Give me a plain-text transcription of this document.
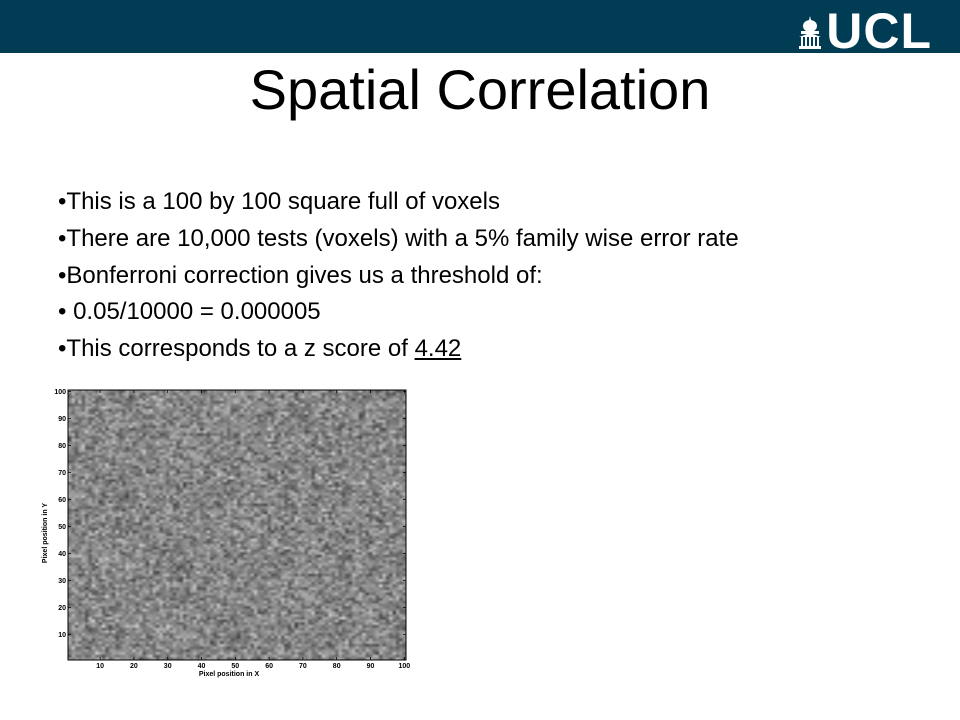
UCL
Spatial Correlation
•This is a 100 by 100 square full of voxels
•There are 10,000 tests (voxels) with a 5% family wise error rate
•Bonferroni correction gives us a threshold of:
• 0.05/10000 = 0.000005
•This corresponds to a z score of 4.42
10	20	30	40	50	60	70	80	90	100
10
20
30
40
50
60
70
80
90
100
Pixel position in X
Pixel position in Y
